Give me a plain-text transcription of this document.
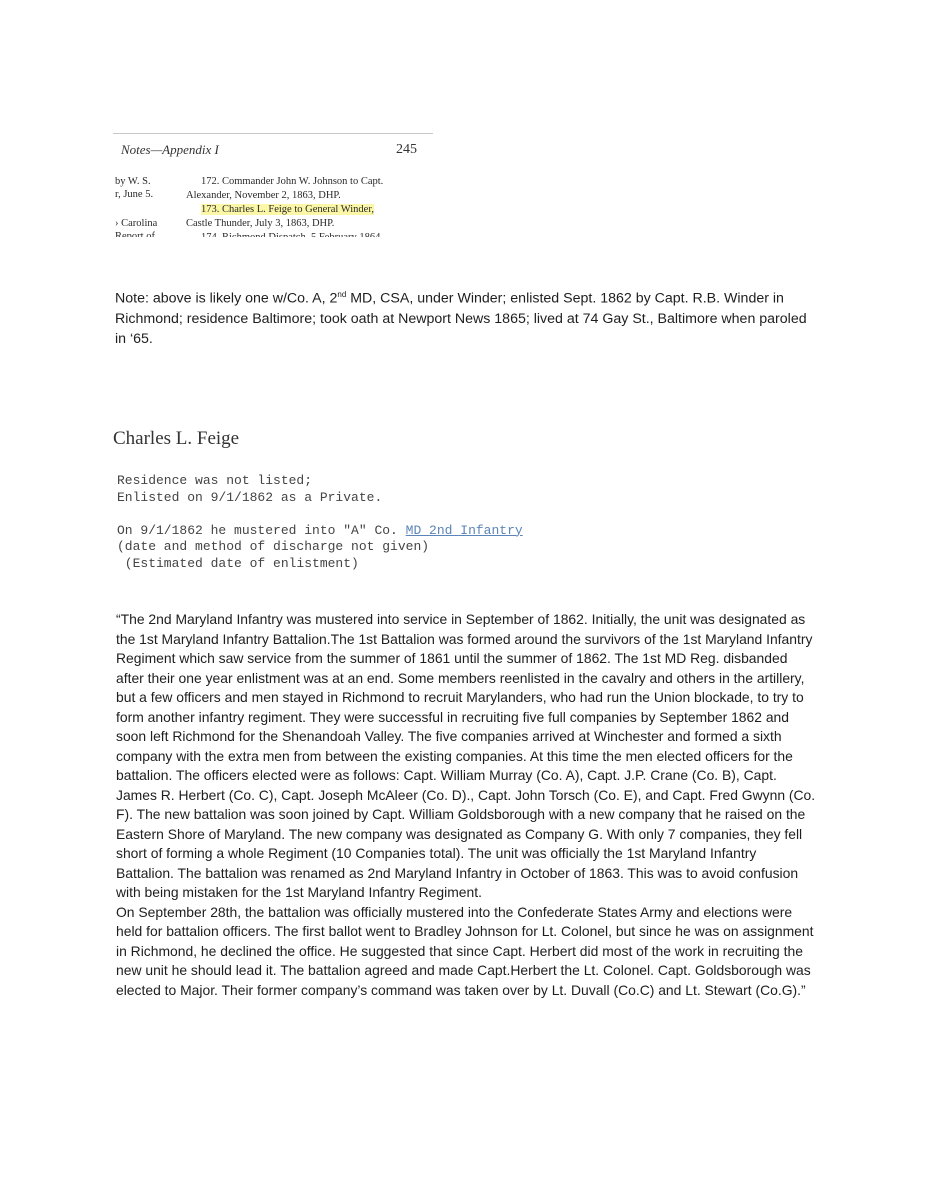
Notes—Appendix I	245
by W. S.
r, June 5.
› Carolina
172. Commander John W. Johnson to Capt.
Alexander, November 2, 1863, DHP.
173. Charles L. Feige to General Winder,
Castle Thunder, July 3, 1863, DHP.
Note: above is likely one w/Co. A, 2nd MD, CSA, under Winder; enlisted Sept. 1862 by Capt. R.B. Winder in Richmond; residence Baltimore; took oath at Newport News 1865; lived at 74 Gay St., Baltimore when paroled in ‘65.
Charles L. Feige
Residence was not listed;
Enlisted on 9/1/1862 as a Private.

On 9/1/1862 he mustered into "A" Co. MD 2nd Infantry
(date and method of discharge not given)
(Estimated date of enlistment)

“The 2nd Maryland Infantry was mustered into service in September of 1862. Initially, the unit was designated as the 1st Maryland Infantry Battalion.The 1st Battalion was formed around the survivors of the 1st Maryland Infantry Regiment which saw service from the summer of 1861 until the summer of 1862. The 1st MD Reg. disbanded after their one year enlistment was at an end. Some members reenlisted in the cavalry and others in the artillery, but a few officers and men stayed in Richmond to recruit Marylanders, who had run the Union blockade, to try to form another infantry regiment. They were successful in recruiting five full companies by September 1862 and soon left Richmond for the Shenandoah Valley. The five companies arrived at Winchester and formed a sixth company with the extra men from between the existing companies. At this time the men elected officers for the battalion. The officers elected were as follows: Capt. William Murray (Co. A), Capt. J.P. Crane (Co. B), Capt. James R. Herbert (Co. C), Capt. Joseph McAleer (Co. D)., Capt. John Torsch (Co. E), and Capt. Fred Gwynn (Co. F). The new battalion was soon joined by Capt. William Goldsborough with a new company that he raised on the Eastern Shore of Maryland. The new company was designated as Company G. With only 7 companies, they fell short of forming a whole Regiment (10 Companies total). The unit was officially the 1st Maryland Infantry Battalion. The battalion was renamed as 2nd Maryland Infantry in October of 1863. This was to avoid confusion with being mistaken for the 1st Maryland Infantry Regiment.

On September 28th, the battalion was officially mustered into the Confederate States Army and elections were held for battalion officers. The first ballot went to Bradley Johnson for Lt. Colonel, but since he was on assignment in Richmond, he declined the office. He suggested that since Capt. Herbert did most of the work in recruiting the new unit he should lead it. The battalion agreed and made Capt.Herbert the Lt. Colonel. Capt. Goldsborough was elected to Major. Their former company’s command was taken over by Lt. Duvall (Co.C) and Lt. Stewart (Co.G).”
